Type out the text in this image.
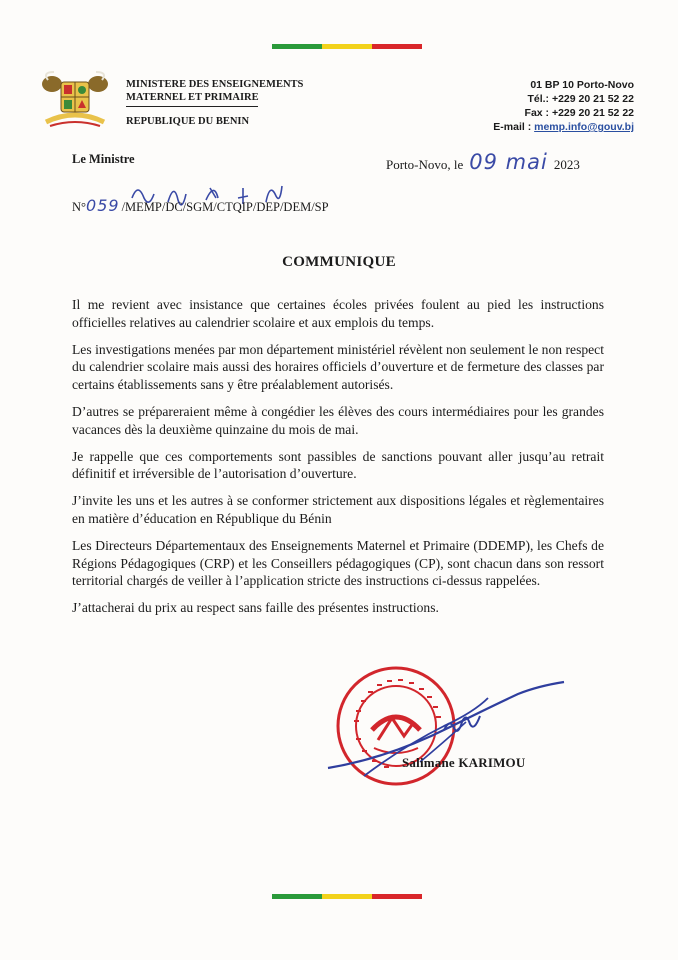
MINISTERE DES ENSEIGNEMENTS
MATERNEL ET PRIMAIRE
REPUBLIQUE DU BENIN
01 BP 10 Porto-Novo
Tél.: +229 20 21 52 22
Fax : +229 20 21 52 22
E-mail : memp.info@gouv.bj
Le Ministre	Porto-Novo, le 09 mai 2023
N° 059 /MEMP/DC/SGM/CTQIP/DEP/DEM/SP
COMMUNIQUE

Il me revient avec insistance que certaines écoles privées foulent au pied les instructions officielles relatives au calendrier scolaire et aux emplois du temps.

Les investigations menées par mon département ministériel révèlent non seulement le non respect du calendrier scolaire mais aussi des horaires officiels d’ouverture et de fermeture des classes par certains établissements sans y être préalablement autorisés.

D’autres se prépareraient même à congédier les élèves des cours intermédiaires pour les grandes vacances dès la deuxième quinzaine du mois de mai.

Je rappelle que ces comportements sont passibles de sanctions pouvant aller jusqu’au retrait définitif et irréversible de l’autorisation d’ouverture.

J’invite les uns et les autres à se conformer strictement aux dispositions légales et règlementaires en matière d’éducation en République du Bénin

Les Directeurs Départementaux des Enseignements Maternel et Primaire (DDEMP), les Chefs de Régions Pédagogiques (CRP) et les Conseillers pédagogiques (CP), sont chacun dans son ressort territorial chargés de veiller à l’application stricte des instructions ci-dessus rappelées.

J’attacherai du prix au respect sans faille des présentes instructions.

Salimane KARIMOU
